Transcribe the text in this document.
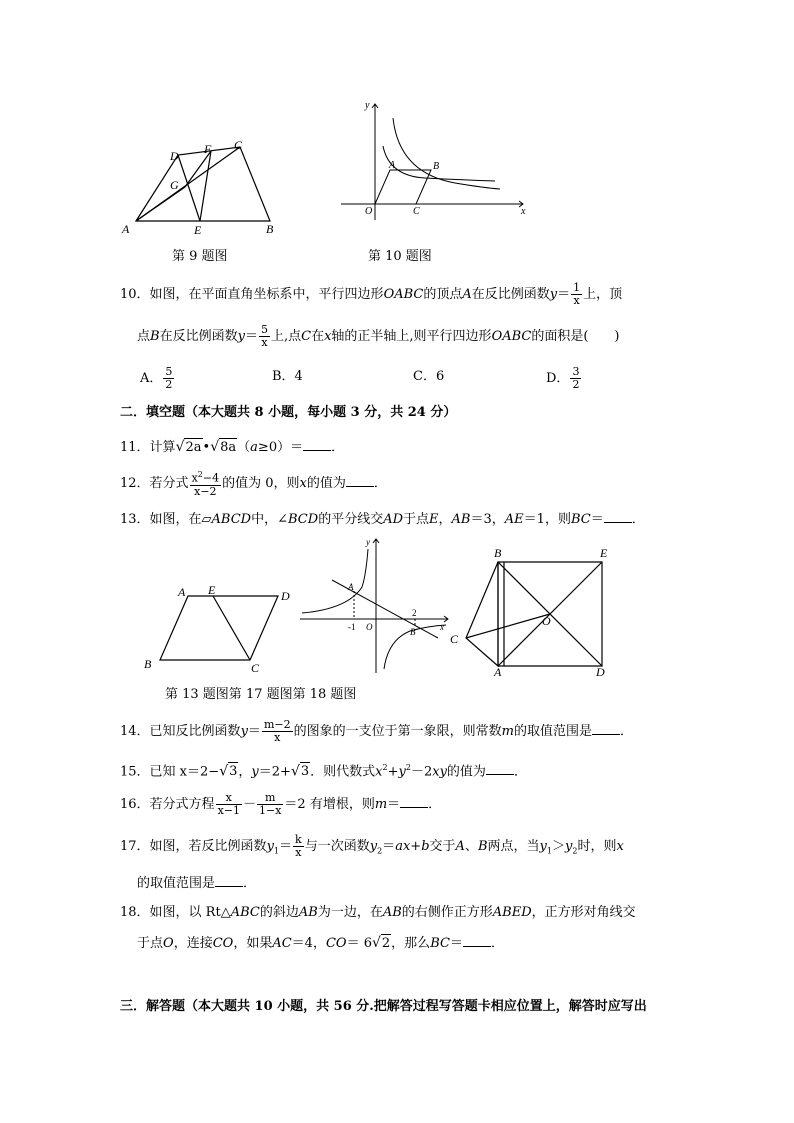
A	B
C
D
E
F
G
第 9 题图
y
x
O
A	B
C
第 10 题图
10．如图，在平面直角坐标系中，平行四边形OABC的顶点A在反比例函数$y= \frac{1}{x}$ 上，顶
点B在反比例函数$y= \frac{5}{x}$ 上,点C在x轴的正半轴上,则平行四边形OABC的面积是(　　)
A． $\frac{5}{2}$	B．4	C．6	D． $\frac{3}{2}$
二．填空题（本大题共 8 小题，每小题 3 分，共 24 分）
11．计算√2a•√8a（a≥0）＝ ．
12．若分式 $\frac{x^2-4}{x-2}$ 的值为 0，则x的值为 ．
13．如图，在▱ABCD中，∠BCD的平分线交AD于点E，AB＝3，AE＝1，则BC＝ ．
A E	D
B	C
y
x
O
A
B
-1
2
B	E
C
O
A	D
第 13 题图第 17 题图第 18 题图
14．已知反比例函数$y= \frac{m-2}{x}$ 的图象的一支位于第一象限，则常数m的取值范围是 ．
15．已知 x＝2−√3，y＝2+√3．则代数式$x^2+y^2-2xy$的值为 ．
16．若分式方程 $\frac{x}{x-1} - \frac{m}{1-x} =2$ 有增根，则m＝ ．
17．如图，若反比例函数$y_1= \frac{k}{x}$ 与一次函数$y_2=ax+b$交于A、B两点，当$y_1>y_2$时，则x
的取值范围是 ．
18．如图，以 Rt△ABC的斜边AB为一边，在AB的右侧作正方形ABED，正方形对角线交
于点O，连接CO，如果AC＝4，CO＝ 6√2，那么BC＝ ．
三．解答题（本大题共 10 小题，共 56 分.把解答过程写答题卡相应位置上，解答时应写出
